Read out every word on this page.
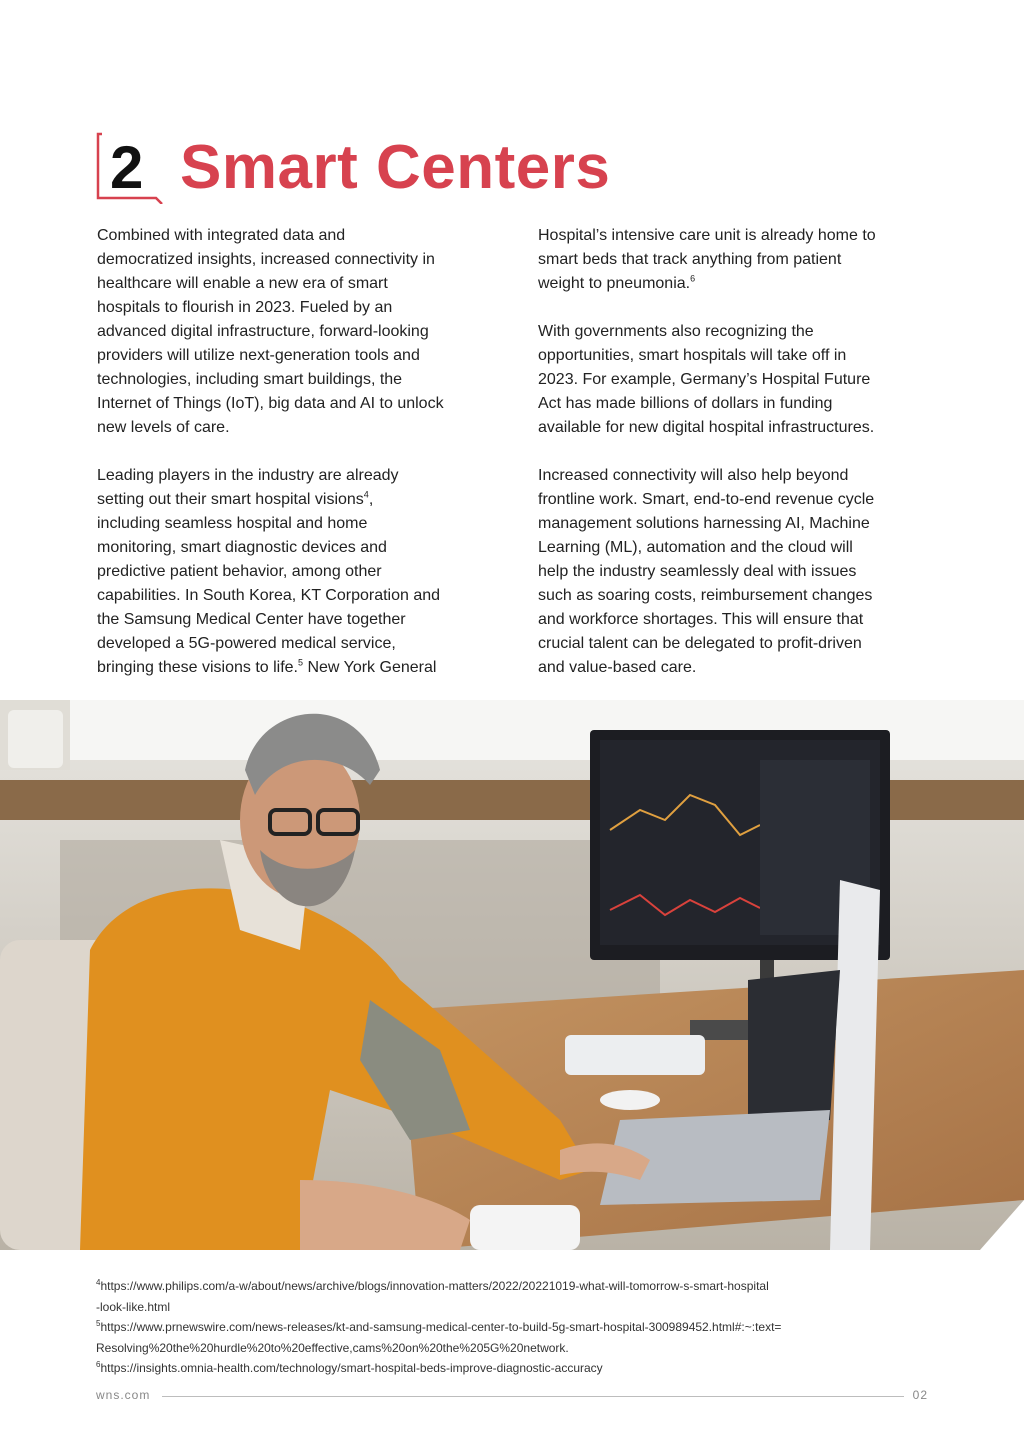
2 Smart Centers

Combined with integrated data and
democratized insights, increased connectivity in
healthcare will enable a new era of smart
hospitals to flourish in 2023. Fueled by an
advanced digital infrastructure, forward-looking
providers will utilize next-generation tools and
technologies, including smart buildings, the
Internet of Things (IoT), big data and AI to unlock
new levels of care.

Leading players in the industry are already
setting out their smart hospital visions$^4$,
including seamless hospital and home
monitoring, smart diagnostic devices and
predictive patient behavior, among other
capabilities. In South Korea, KT Corporation and
the Samsung Medical Center have together
developed a 5G-powered medical service,
bringing these visions to life.$^5$ New York General

Hospital’s intensive care unit is already home to
smart beds that track anything from patient
weight to pneumonia.$^6$

With governments also recognizing the
opportunities, smart hospitals will take off in
2023. For example, Germany’s Hospital Future
Act has made billions of dollars in funding
available for new digital hospital infrastructures.

Increased connectivity will also help beyond
frontline work. Smart, end-to-end revenue cycle
management solutions harnessing AI, Machine
Learning (ML), automation and the cloud will
help the industry seamlessly deal with issues
such as soaring costs, reimbursement changes
and workforce shortages. This will ensure that
crucial talent can be delegated to profit-driven
and value-based care.

$^4$https://www.philips.com/a-w/about/news/archive/blogs/innovation-matters/2022/20221019-what-will-tomorrow-s-smart-hospital
-look-like.html

$^5$https://www.prnewswire.com/news-releases/kt-and-samsung-medical-center-to-build-5g-smart-hospital-300989452.html#:~:text=
Resolving%20the%20hurdle%20to%20effective,cams%20on%20the%205G%20network.

$^6$https://insights.omnia-health.com/technology/smart-hospital-beds-improve-diagnostic-accuracy

wns.com	02
